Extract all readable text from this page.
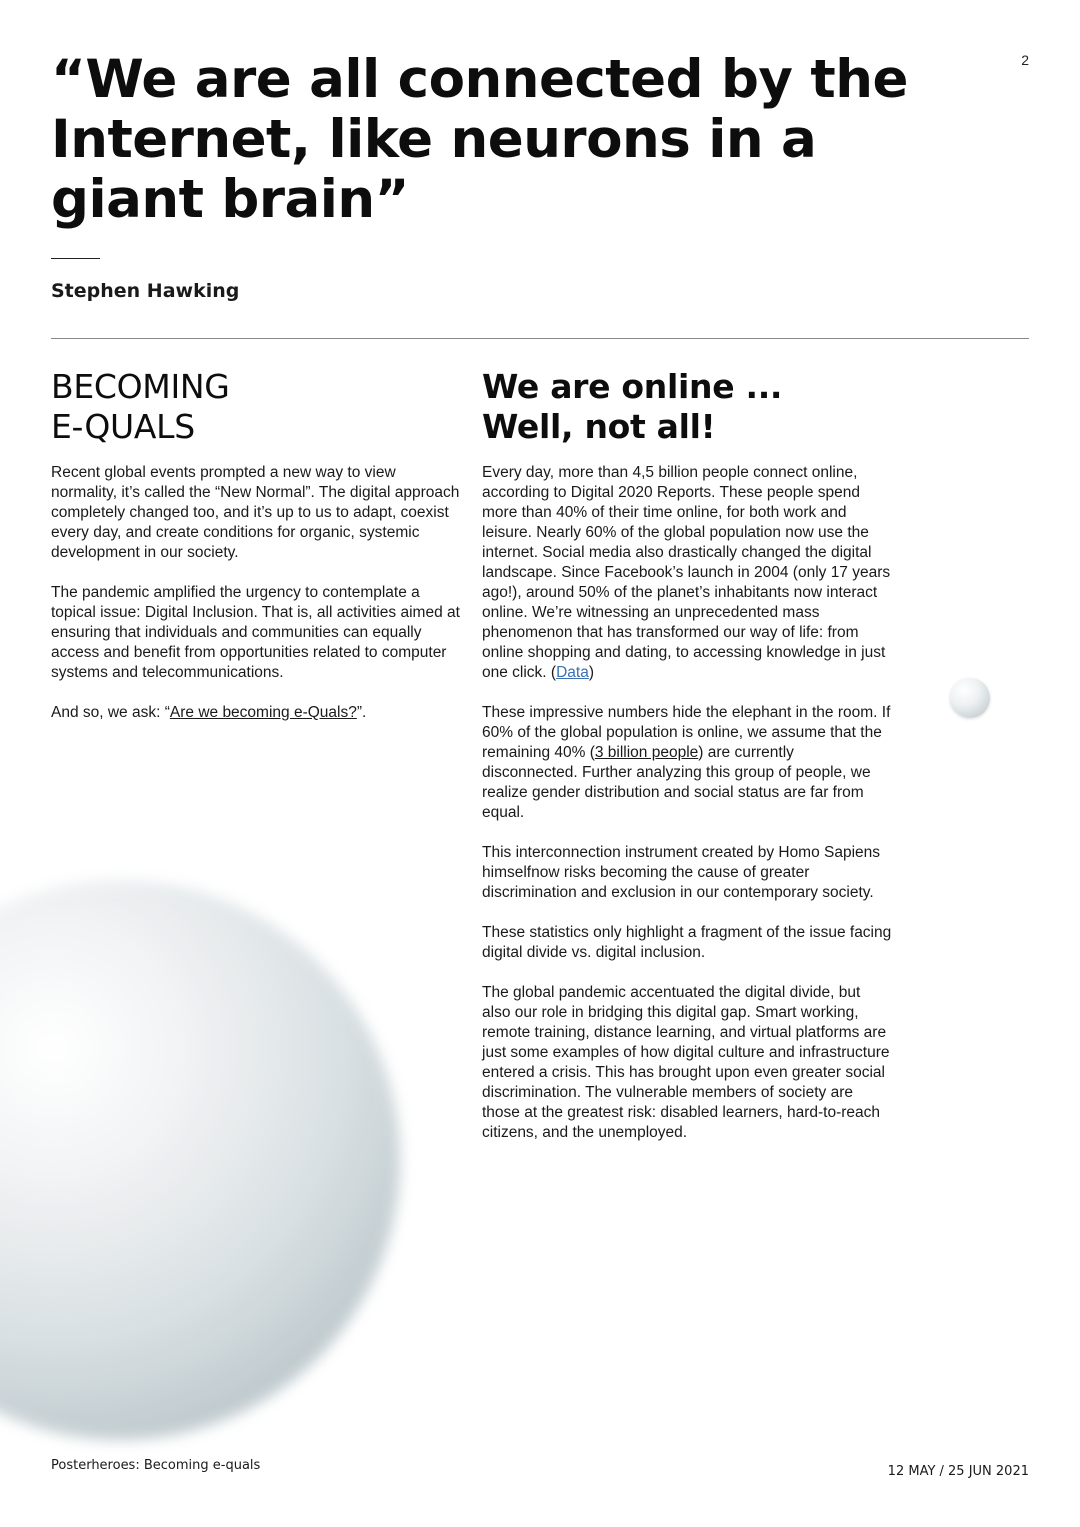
2
“We are all connected by the Internet, like neurons in a giant brain”
Stephen Hawking
BECOMING
E-QUALS
We are online ...
Well, not all!

Recent global events prompted a new way to view normality, it’s called the “New Normal”. The digital approach completely changed too, and it’s up to us to adapt, coexist every day, and create conditions for organic, systemic development in our society.

The pandemic amplified the urgency to contemplate a topical issue: Digital Inclusion. That is, all activities aimed at ensuring that individuals and communities can equally access and benefit from opportunities related to computer systems and telecommunications.

And so, we ask: “Are we becoming e-Quals?”.

Every day, more than 4,5 billion people connect online, according to Digital 2020 Reports. These people spend more than 40% of their time online, for both work and leisure. Nearly 60% of the global population now use the internet. Social media also drastically changed the digital landscape. Since Facebook’s launch in 2004 (only 17 years ago!), around 50% of the planet’s inhabitants now interact online. We’re witnessing an unprecedented mass phenomenon that has transformed our way of life: from online shopping and dating, to accessing knowledge in just one click. (Data)

These impressive numbers hide the elephant in the room. If 60% of the global population is online, we assume that the remaining 40% (3 billion people) are currently disconnected. Further analyzing this group of people, we realize gender distribution and social status are far from equal.

This interconnection instrument created by Homo Sapiens himselfnow risks becoming the cause of greater discrimination and exclusion in our contemporary society.

These statistics only highlight a fragment of the issue facing digital divide vs. digital inclusion.

The global pandemic accentuated the digital divide, but also our role in bridging this digital gap. Smart working, remote training, distance learning, and virtual platforms are just some examples of how digital culture and infrastructure entered a crisis. This has brought upon even greater social discrimination. The vulnerable members of society are those at the greatest risk: disabled learners, hard-to-reach citizens, and the unemployed.

Posterheroes: Becoming e-quals	12 MAY / 25 JUN 2021
